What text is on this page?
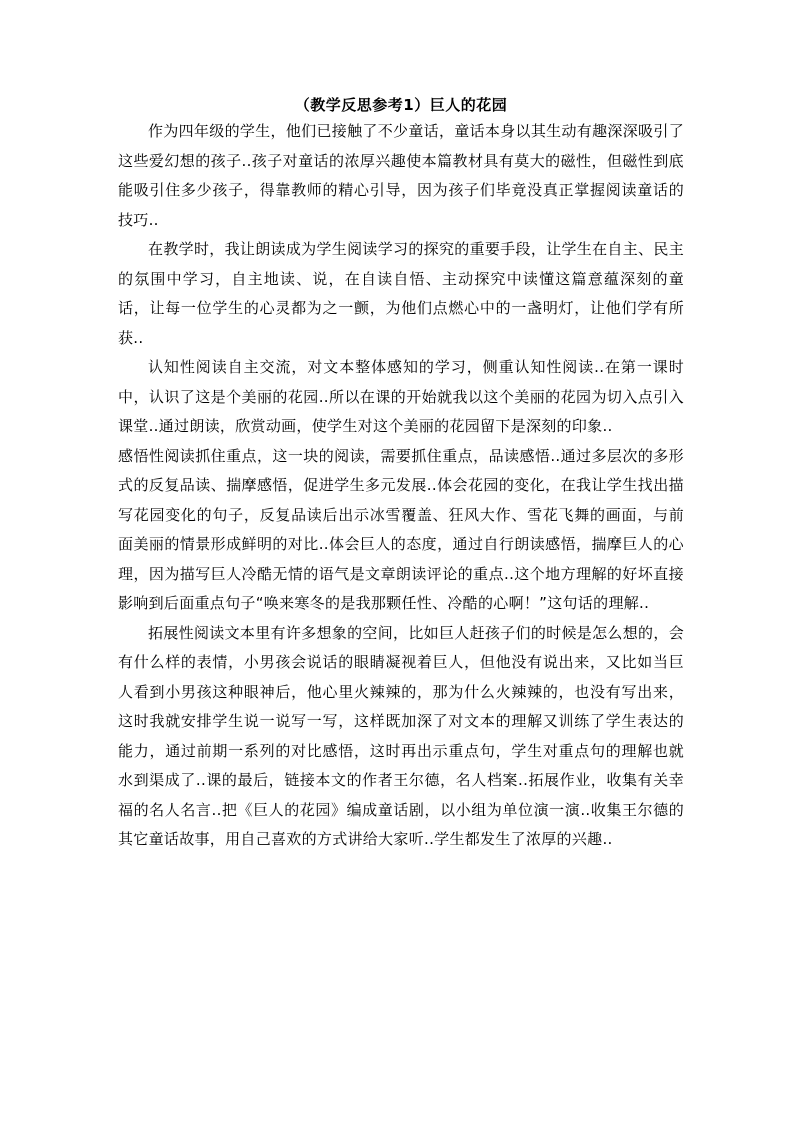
（教学反思参考1）巨人的花园

作为四年级的学生，他们已接触了不少童话，童话本身以其生动有趣深深吸引了这些爱幻想的孩子..孩子对童话的浓厚兴趣使本篇教材具有莫大的磁性，但磁性到底能吸引住多少孩子，得靠教师的精心引导，因为孩子们毕竟没真正掌握阅读童话的技巧..

在教学时，我让朗读成为学生阅读学习的探究的重要手段，让学生在自主、民主的氛围中学习，自主地读、说，在自读自悟、主动探究中读懂这篇意蕴深刻的童话，让每一位学生的心灵都为之一颤，为他们点燃心中的一盏明灯，让他们学有所获..

认知性阅读自主交流，对文本整体感知的学习，侧重认知性阅读..在第一课时中，认识了这是个美丽的花园..所以在课的开始就我以这个美丽的花园为切入点引入课堂..通过朗读，欣赏动画，使学生对这个美丽的花园留下是深刻的印象..

感悟性阅读抓住重点，这一块的阅读，需要抓住重点，品读感悟..通过多层次的多形式的反复品读、揣摩感悟，促进学生多元发展..体会花园的变化，在我让学生找出描写花园变化的句子，反复品读后出示冰雪覆盖、狂风大作、雪花飞舞的画面，与前面美丽的情景形成鲜明的对比..体会巨人的态度，通过自行朗读感悟，揣摩巨人的心理，因为描写巨人冷酷无情的语气是文章朗读评论的重点..这个地方理解的好坏直接影响到后面重点句子“唤来寒冬的是我那颗任性、冷酷的心啊！”这句话的理解..

拓展性阅读文本里有许多想象的空间，比如巨人赶孩子们的时候是怎么想的，会有什么样的表情，小男孩会说话的眼睛凝视着巨人，但他没有说出来，又比如当巨人看到小男孩这种眼神后，他心里火辣辣的，那为什么火辣辣的，也没有写出来，这时我就安排学生说一说写一写，这样既加深了对文本的理解又训练了学生表达的能力，通过前期一系列的对比感悟，这时再出示重点句，学生对重点句的理解也就水到渠成了..课的最后，链接本文的作者王尔德，名人档案..拓展作业，收集有关幸福的名人名言..把《巨人的花园》编成童话剧，以小组为单位演一演..收集王尔德的其它童话故事，用自己喜欢的方式讲给大家听..学生都发生了浓厚的兴趣..
